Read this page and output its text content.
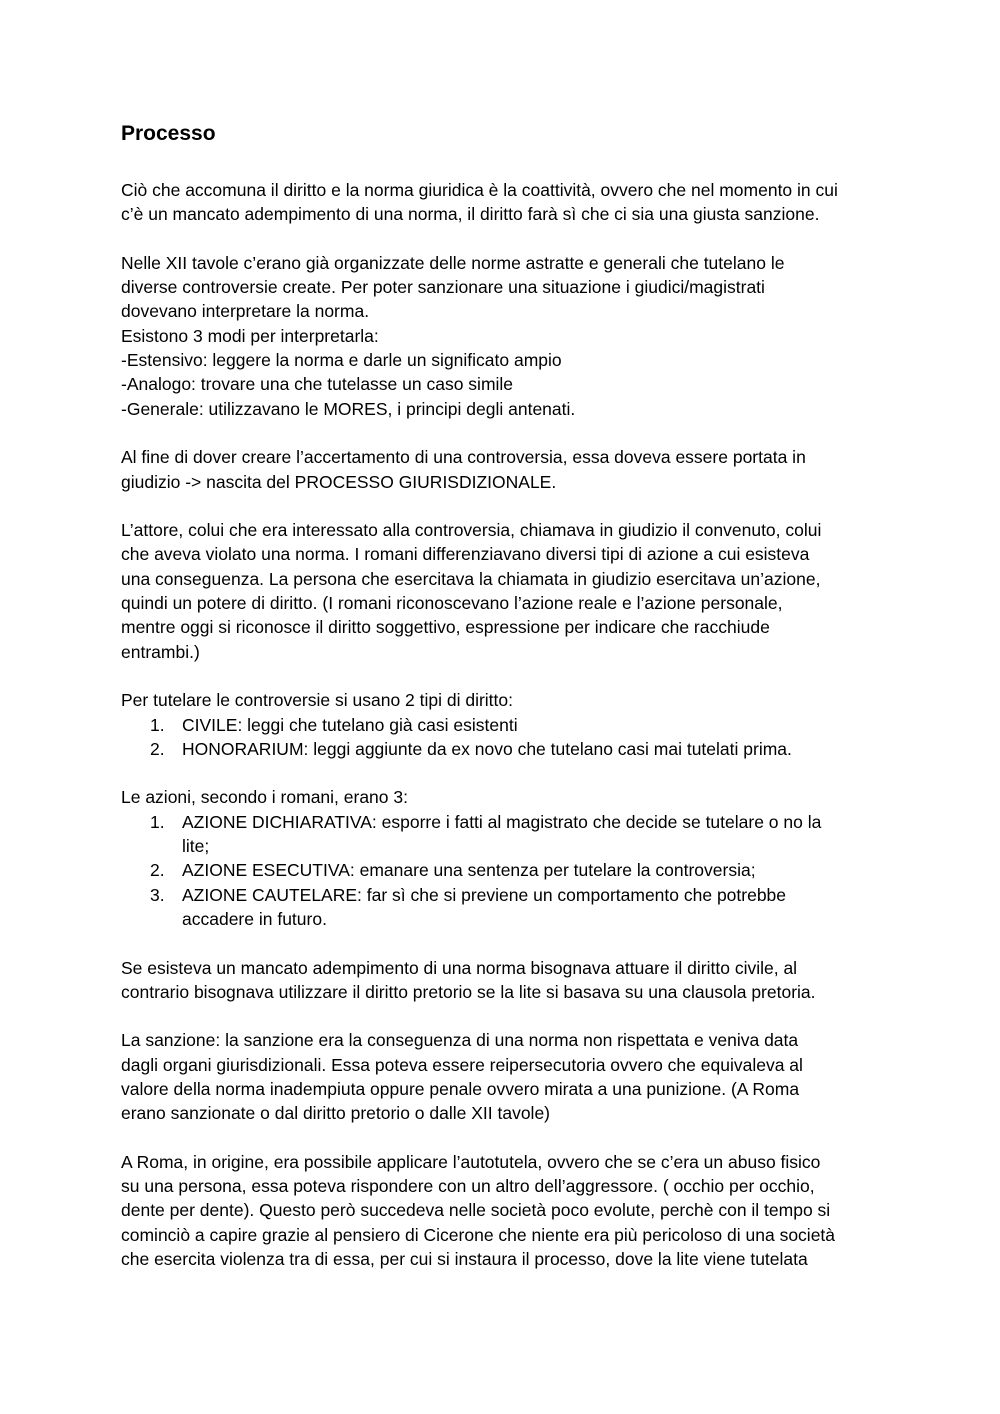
Processo

Ciò che accomuna il diritto e la norma giuridica è la coattività, ovvero che nel momento in cui
c’è un mancato adempimento di una norma, il diritto farà sì che ci sia una giusta sanzione.

Nelle XII tavole c’erano già organizzate delle norme astratte e generali che tutelano le
diverse controversie create. Per poter sanzionare una situazione i giudici/magistrati
dovevano interpretare la norma.
Esistono 3 modi per interpretarla:
-Estensivo: leggere la norma e darle un significato ampio
-Analogo: trovare una che tutelasse un caso simile
-Generale: utilizzavano le MORES, i principi degli antenati.

Al fine di dover creare l’accertamento di una controversia, essa doveva essere portata in
giudizio -> nascita del PROCESSO GIURISDIZIONALE.

L’attore, colui che era interessato alla controversia, chiamava in giudizio il convenuto, colui
che aveva violato una norma. I romani differenziavano diversi tipi di azione a cui esisteva
una conseguenza. La persona che esercitava la chiamata in giudizio esercitava un’azione,
quindi un potere di diritto. (I romani riconoscevano l’azione reale e l’azione personale,
mentre oggi si riconosce il diritto soggettivo, espressione per indicare che racchiude
entrambi.)

Per tutelare le controversie si usano 2 tipi di diritto:
1. CIVILE: leggi che tutelano già casi esistenti
2. HONORARIUM: leggi aggiunte da ex novo che tutelano casi mai tutelati prima.
Le azioni, secondo i romani, erano 3:
1. AZIONE DICHIARATIVA: esporre i fatti al magistrato che decide se tutelare o no la
lite;
2. AZIONE ESECUTIVA: emanare una sentenza per tutelare la controversia;
3. AZIONE CAUTELARE: far sì che si previene un comportamento che potrebbe
accadere in futuro.

Se esisteva un mancato adempimento di una norma bisognava attuare il diritto civile, al
contrario bisognava utilizzare il diritto pretorio se la lite si basava su una clausola pretoria.

La sanzione: la sanzione era la conseguenza di una norma non rispettata e veniva data
dagli organi giurisdizionali. Essa poteva essere reipersecutoria ovvero che equivaleva al
valore della norma inadempiuta oppure penale ovvero mirata a una punizione. (A Roma
erano sanzionate o dal diritto pretorio o dalle XII tavole)

A Roma, in origine, era possibile applicare l’autotutela, ovvero che se c’era un abuso fisico
su una persona, essa poteva rispondere con un altro dell’aggressore. ( occhio per occhio,
dente per dente). Questo però succedeva nelle società poco evolute, perchè con il tempo si
cominciò a capire grazie al pensiero di Cicerone che niente era più pericoloso di una società
che esercita violenza tra di essa, per cui si instaura il processo, dove la lite viene tutelata
